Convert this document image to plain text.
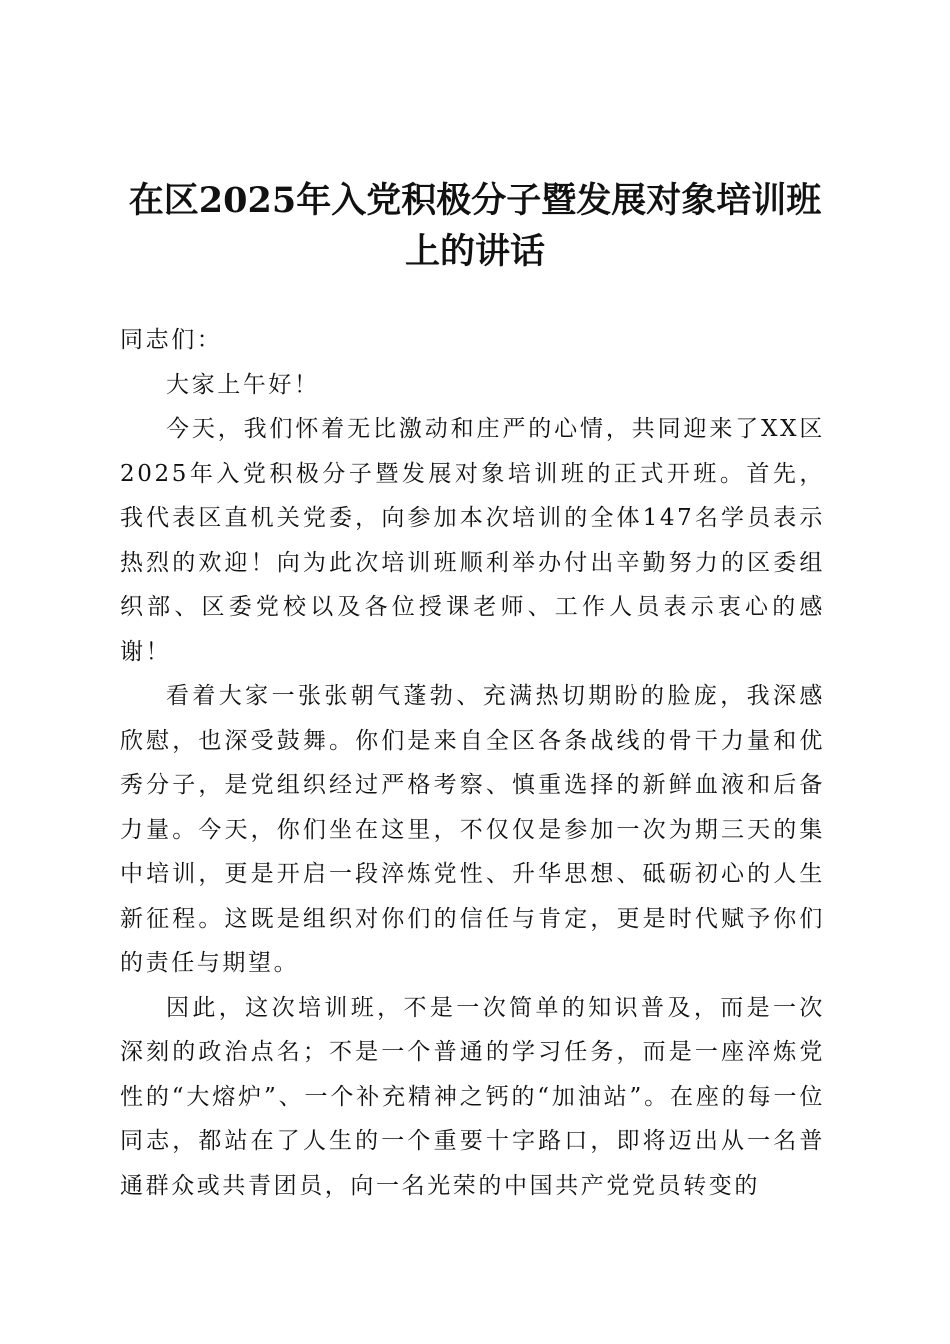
在区2025年入党积极分子暨发展对象培训班
上的讲话

同志们：

大家上午好！

今天，我们怀着无比激动和庄严的心情，共同迎来了XX区2025年入党积极分子暨发展对象培训班的正式开班。首先，我代表区直机关党委，向参加本次培训的全体147名学员表示热烈的欢迎！向为此次培训班顺利举办付出辛勤努力的区委组织部、区委党校以及各位授课老师、工作人员表示衷心的感谢！

看着大家一张张朝气蓬勃、充满热切期盼的脸庞，我深感欣慰，也深受鼓舞。你们是来自全区各条战线的骨干力量和优秀分子，是党组织经过严格考察、慎重选择的新鲜血液和后备力量。今天，你们坐在这里，不仅仅是参加一次为期三天的集中培训，更是开启一段淬炼党性、升华思想、砥砺初心的人生新征程。这既是组织对你们的信任与肯定，更是时代赋予你们的责任与期望。

因此，这次培训班，不是一次简单的知识普及，而是一次深刻的政治点名；不是一个普通的学习任务，而是一座淬炼党性的“大熔炉”、一个补充精神之钙的“加油站”。在座的每一位同志，都站在了人生的一个重要十字路口，即将迈出从一名普通群众或共青团员，向一名光荣的中国共产党党员转变的
